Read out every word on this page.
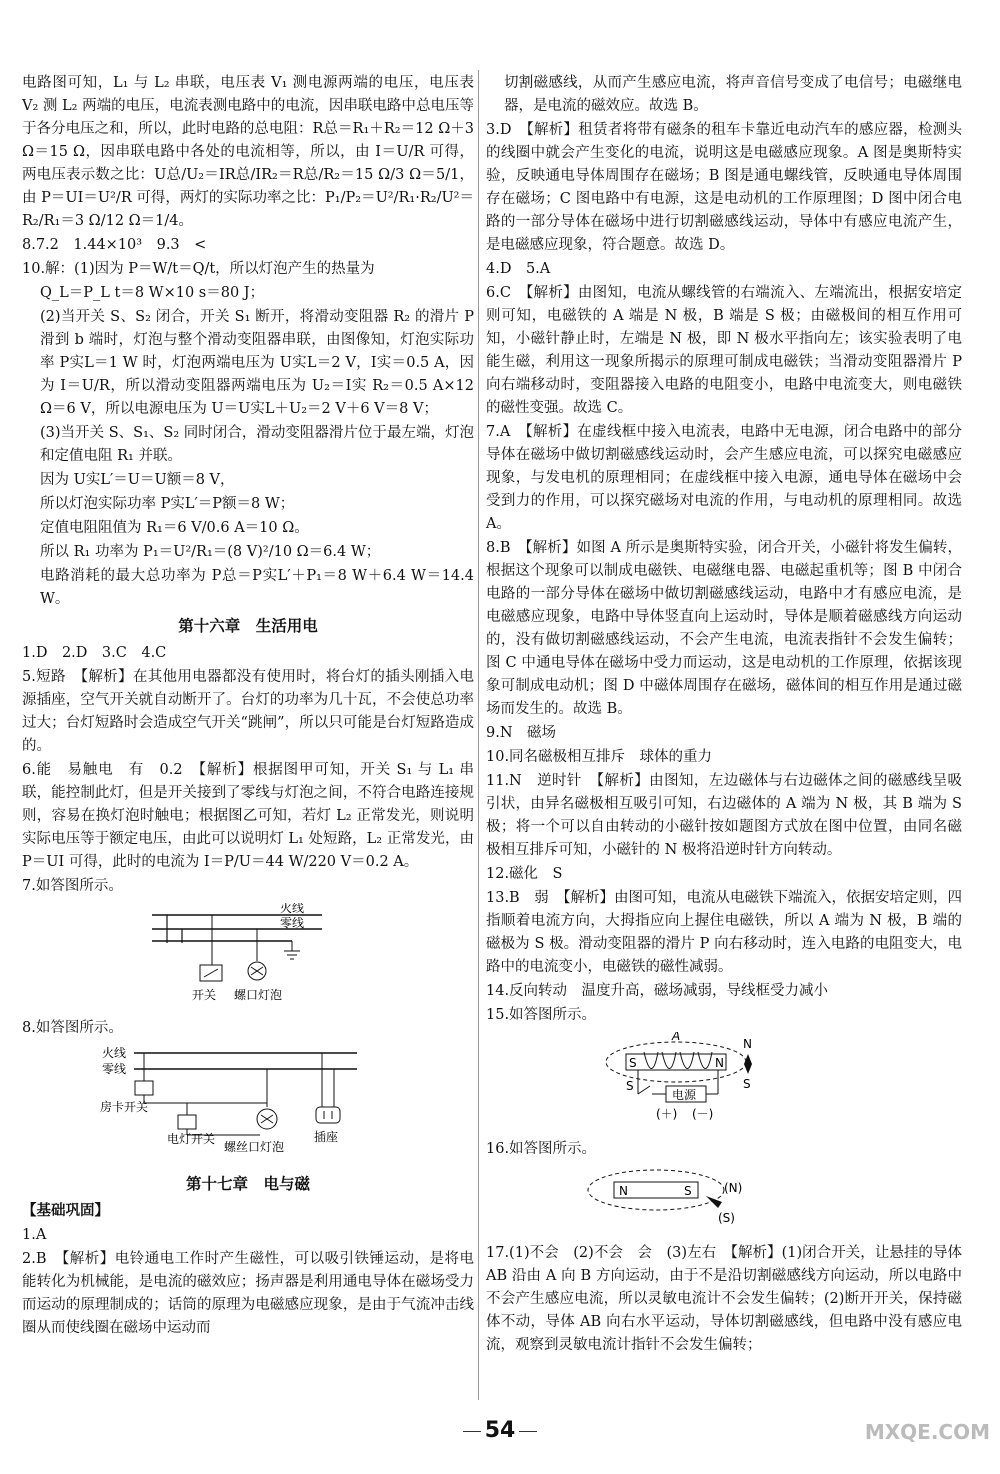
电路图可知，L₁ 与 L₂ 串联，电压表 V₁ 测电源两端的电压，电压表 V₂ 测 L₂ 两端的电压，电流表测电路中的电流，因串联电路中总电压等于各分电压之和，所以，此时电路的总电阻：R总＝R₁＋R₂＝12 Ω＋3 Ω＝15 Ω，因串联电路中各处的电流相等，所以，由 I＝U/R 可得，两电压表示数之比：U总/U₂＝IR总/IR₂＝R总/R₂＝15 Ω/3 Ω＝5/1，由 P＝UI＝U²/R 可得，两灯的实际功率之比：P₁/P₂＝U²/R₁·R₂/U²＝R₂/R₁＝3 Ω/12 Ω＝1/4。

8.7.2　1.44×10³　9.3　<

10.解：(1)因为 P＝W/t＝Q/t，所以灯泡产生的热量为

Q_L＝P_L t＝8 W×10 s＝80 J；

(2)当开关 S、S₂ 闭合，开关 S₁ 断开，将滑动变阻器 R₂ 的滑片 P 滑到 b 端时，灯泡与整个滑动变阻器串联，由图像知，灯泡实际功率 P实L＝1 W 时，灯泡两端电压为 U实L＝2 V，I实＝0.5 A，因为 I＝U/R，所以滑动变阻器两端电压为 U₂＝I实 R₂＝0.5 A×12 Ω＝6 V，所以电源电压为 U＝U实L＋U₂＝2 V＋6 V＝8 V；

(3)当开关 S、S₁、S₂ 同时闭合，滑动变阻器滑片位于最左端，灯泡和定值电阻 R₁ 并联。

因为 U实L′＝U＝U额＝8 V，

所以灯泡实际功率 P实L′＝P额＝8 W；

定值电阻阻值为 R₁＝6 V/0.6 A＝10 Ω。

所以 R₁ 功率为 P₁＝U²/R₁＝(8 V)²/10 Ω＝6.4 W；

电路消耗的最大总功率为 P总＝P实L′＋P₁＝8 W＋6.4 W＝14.4 W。

第十六章　生活用电

1.D　2.D　3.C　4.C

5.短路　【解析】在其他用电器都没有使用时，将台灯的插头刚插入电源插座，空气开关就自动断开了。台灯的功率为几十瓦，不会使总功率过大；台灯短路时会造成空气开关“跳闸”，所以只可能是台灯短路造成的。

6.能　易触电　有　0.2　【解析】根据图甲可知，开关 S₁ 与 L₁ 串联，能控制此灯，但是开关接到了零线与灯泡之间，不符合电路连接规则，容易在换灯泡时触电；根据图乙可知，若灯 L₂ 正常发光，则说明实际电压等于额定电压，由此可以说明灯 L₁ 处短路，L₂ 正常发光，由 P＝UI 可得，此时的电流为 I＝P/U＝44 W/220 V＝0.2 A。

7.如答图所示。

火线
零线
开关 螺口灯泡

8.如答图所示。

火线
零线
房卡开关
电灯开关
螺丝口灯泡
插座
第十七章　电与磁

【基础巩固】

1.A

2.B　【解析】电铃通电工作时产生磁性，可以吸引铁锤运动，是将电能转化为机械能，是电流的磁效应；扬声器是利用通电导体在磁场受力而运动的原理制成的；话筒的原理为电磁感应现象，是由于气流冲击线圈从而使线圈在磁场中运动而

切割磁感线，从而产生感应电流，将声音信号变成了电信号；电磁继电器，是电流的磁效应。故选 B。

3.D　【解析】租赁者将带有磁条的租车卡靠近电动汽车的感应器，检测头的线圈中就会产生变化的电流，说明这是电磁感应现象。A 图是奥斯特实验，反映通电导体周围存在磁场；B 图是通电螺线管，反映通电导体周围存在磁场；C 图电路中有电源，这是电动机的工作原理图；D 图中闭合电路的一部分导体在磁场中进行切割磁感线运动，导体中有感应电流产生，是电磁感应现象，符合题意。故选 D。

4.D　5.A

6.C　【解析】由图知，电流从螺线管的右端流入、左端流出，根据安培定则可知，电磁铁的 A 端是 N 极，B 端是 S 极；由磁极间的相互作用可知，小磁针静止时，左端是 N 极，即 N 极水平指向左；该实验表明了电能生磁，利用这一现象所揭示的原理可制成电磁铁；当滑动变阻器滑片 P 向右端移动时，变阻器接入电路的电阻变小，电路中电流变大，则电磁铁的磁性变强。故选 C。

7.A　【解析】在虚线框中接入电流表，电路中无电源，闭合电路中的部分导体在磁场中做切割磁感线运动时，会产生感应电流，可以探究电磁感应现象，与发电机的原理相同；在虚线框中接入电源，通电导体在磁场中会受到力的作用，可以探究磁场对电流的作用，与电动机的原理相同。故选 A。

8.B　【解析】如图 A 所示是奥斯特实验，闭合开关，小磁针将发生偏转，根据这个现象可以制成电磁铁、电磁继电器、电磁起重机等；图 B 中闭合电路的一部分导体在磁场中做切割磁感线运动，电路中才有感应电流，是电磁感应现象，电路中导体竖直向上运动时，导体是顺着磁感线方向运动的，没有做切割磁感线运动，不会产生电流，电流表指针不会发生偏转；图 C 中通电导体在磁场中受力而运动，这是电动机的工作原理，依据该现象可制成电动机；图 D 中磁体周围存在磁场，磁体间的相互作用是通过磁场而发生的。故选 B。

9.N　磁场

10.同名磁极相互排斥　球体的重力

11.N　逆时针　【解析】由图知，左边磁体与右边磁体之间的磁感线呈吸引状，由异名磁极相互吸引可知，右边磁体的 A 端为 N 极，其 B 端为 S 极；将一个可以自由转动的小磁针按如题图方式放在图中位置，由同名磁极相互排斥可知，小磁针的 N 极将沿逆时针方向转动。

12.磁化　S

13.B　弱　【解析】由图可知，电流从电磁铁下端流入，依据安培定则，四指顺着电流方向，大拇指应向上握住电磁铁，所以 A 端为 N 极，B 端的磁极为 S 极。滑动变阻器的滑片 P 向右移动时，连入电路的电阻变大，电路中的电流变小，电磁铁的磁性减弱。

14.反向转动　温度升高，磁场减弱，导线框受力减小

15.如答图所示。

A
S	N
N
S
S
电源
(＋) (－)

16.如答图所示。

N	S	(N)
(S)

17.(1)不会　(2)不会　会　(3)左右　【解析】(1)闭合开关，让悬挂的导体 AB 沿由 A 向 B 方向运动，由于不是沿切割磁感线方向运动，所以电路中不会产生感应电流，所以灵敏电流计不会发生偏转；(2)断开开关，保持磁体不动，导体 AB 向右水平运动，导体切割磁感线，但电路中没有感应电流，观察到灵敏电流计指针不会发生偏转；

54	MXQE.COM
